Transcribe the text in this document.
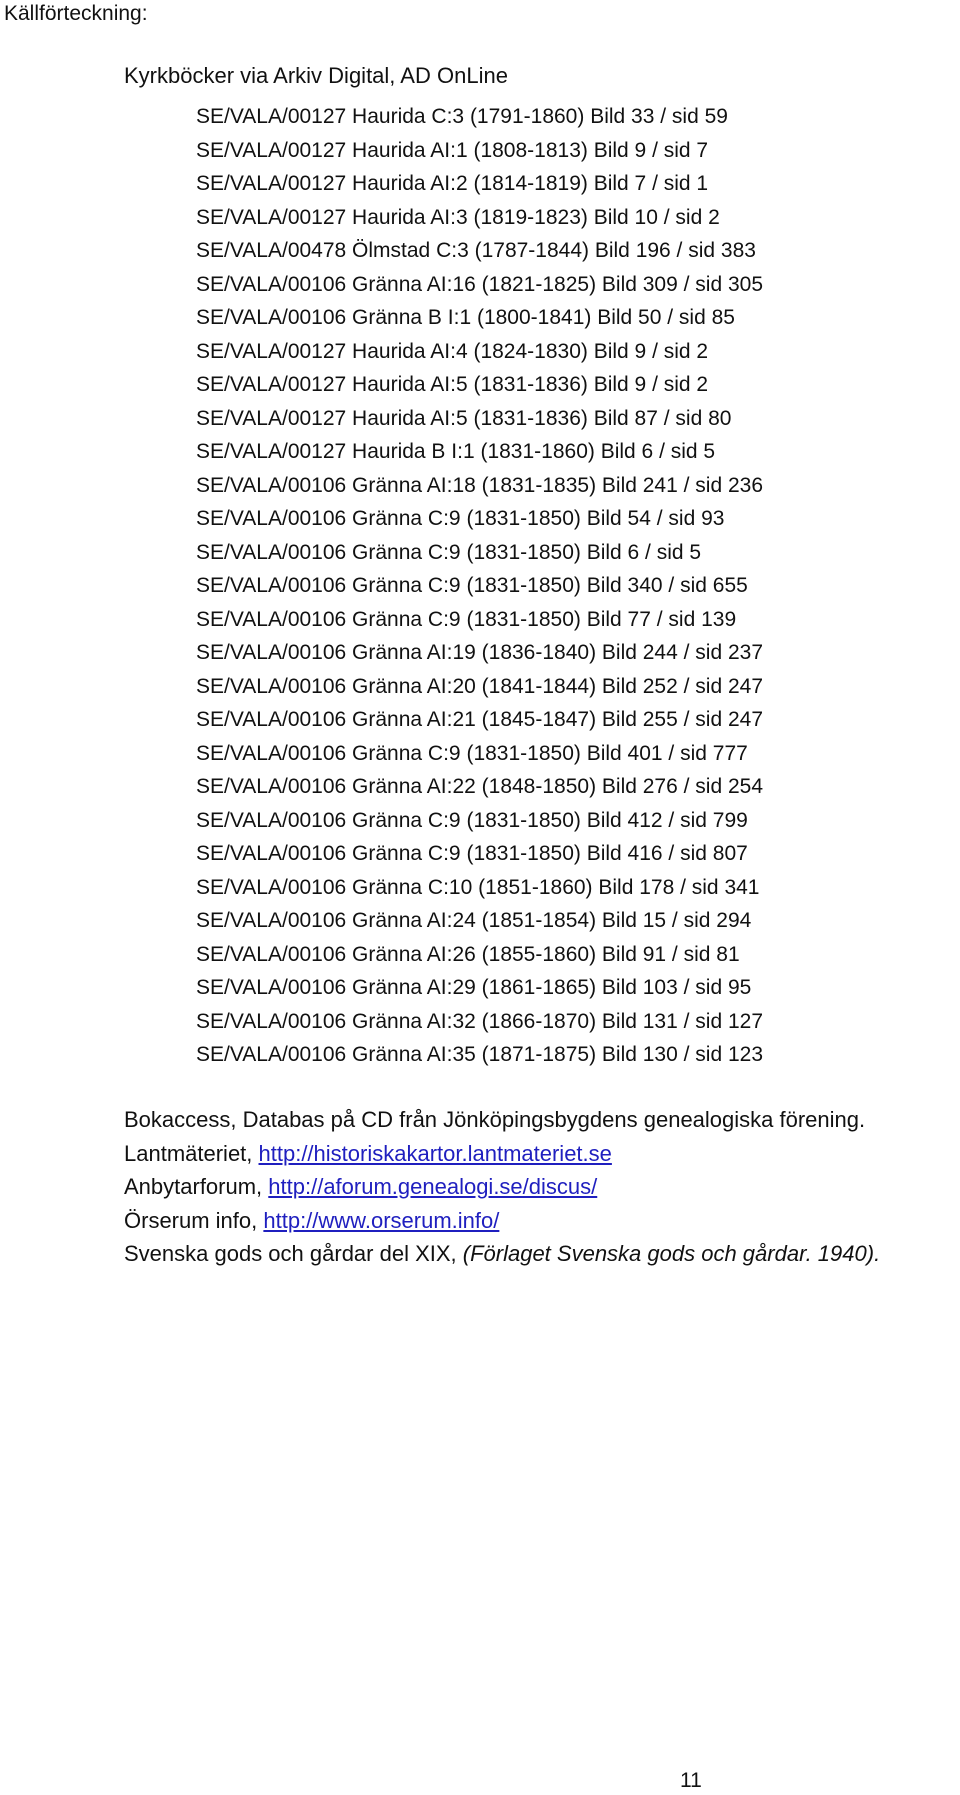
Källförteckning:
Kyrkböcker via Arkiv Digital, AD OnLine
SE/VALA/00127 Haurida C:3 (1791-1860) Bild 33 / sid 59
SE/VALA/00127 Haurida AI:1 (1808-1813) Bild 9 / sid 7
SE/VALA/00127 Haurida AI:2 (1814-1819) Bild 7 / sid 1
SE/VALA/00127 Haurida AI:3 (1819-1823) Bild 10 / sid 2
SE/VALA/00478 Ölmstad C:3 (1787-1844) Bild 196 / sid 383
SE/VALA/00106 Gränna AI:16 (1821-1825) Bild 309 / sid 305
SE/VALA/00106 Gränna B I:1 (1800-1841) Bild 50 / sid 85
SE/VALA/00127 Haurida AI:4 (1824-1830) Bild 9 / sid 2
SE/VALA/00127 Haurida AI:5 (1831-1836) Bild 9 / sid 2
SE/VALA/00127 Haurida AI:5 (1831-1836) Bild 87 / sid 80
SE/VALA/00127 Haurida B I:1 (1831-1860) Bild 6 / sid 5
SE/VALA/00106 Gränna AI:18 (1831-1835) Bild 241 / sid 236
SE/VALA/00106 Gränna C:9 (1831-1850) Bild 54 / sid 93
SE/VALA/00106 Gränna C:9 (1831-1850) Bild 6 / sid 5
SE/VALA/00106 Gränna C:9 (1831-1850) Bild 340 / sid 655
SE/VALA/00106 Gränna C:9 (1831-1850) Bild 77 / sid 139
SE/VALA/00106 Gränna AI:19 (1836-1840) Bild 244 / sid 237
SE/VALA/00106 Gränna AI:20 (1841-1844) Bild 252 / sid 247
SE/VALA/00106 Gränna AI:21 (1845-1847) Bild 255 / sid 247
SE/VALA/00106 Gränna C:9 (1831-1850) Bild 401 / sid 777
SE/VALA/00106 Gränna AI:22 (1848-1850) Bild 276 / sid 254
SE/VALA/00106 Gränna C:9 (1831-1850) Bild 412 / sid 799
SE/VALA/00106 Gränna C:9 (1831-1850) Bild 416 / sid 807
SE/VALA/00106 Gränna C:10 (1851-1860) Bild 178 / sid 341
SE/VALA/00106 Gränna AI:24 (1851-1854) Bild 15 / sid 294
SE/VALA/00106 Gränna AI:26 (1855-1860) Bild 91 / sid 81
SE/VALA/00106 Gränna AI:29 (1861-1865) Bild 103 / sid 95
SE/VALA/00106 Gränna AI:32 (1866-1870) Bild 131 / sid 127
SE/VALA/00106 Gränna AI:35 (1871-1875) Bild 130 / sid 123
Bokaccess, Databas på CD från Jönköpingsbygdens genealogiska förening.
Lantmäteriet, http://historiskakartor.lantmateriet.se
Anbytarforum, http://aforum.genealogi.se/discus/
Örserum info, http://www.orserum.info/
Svenska gods och gårdar del XIX, (Förlaget Svenska gods och gårdar. 1940).
11
